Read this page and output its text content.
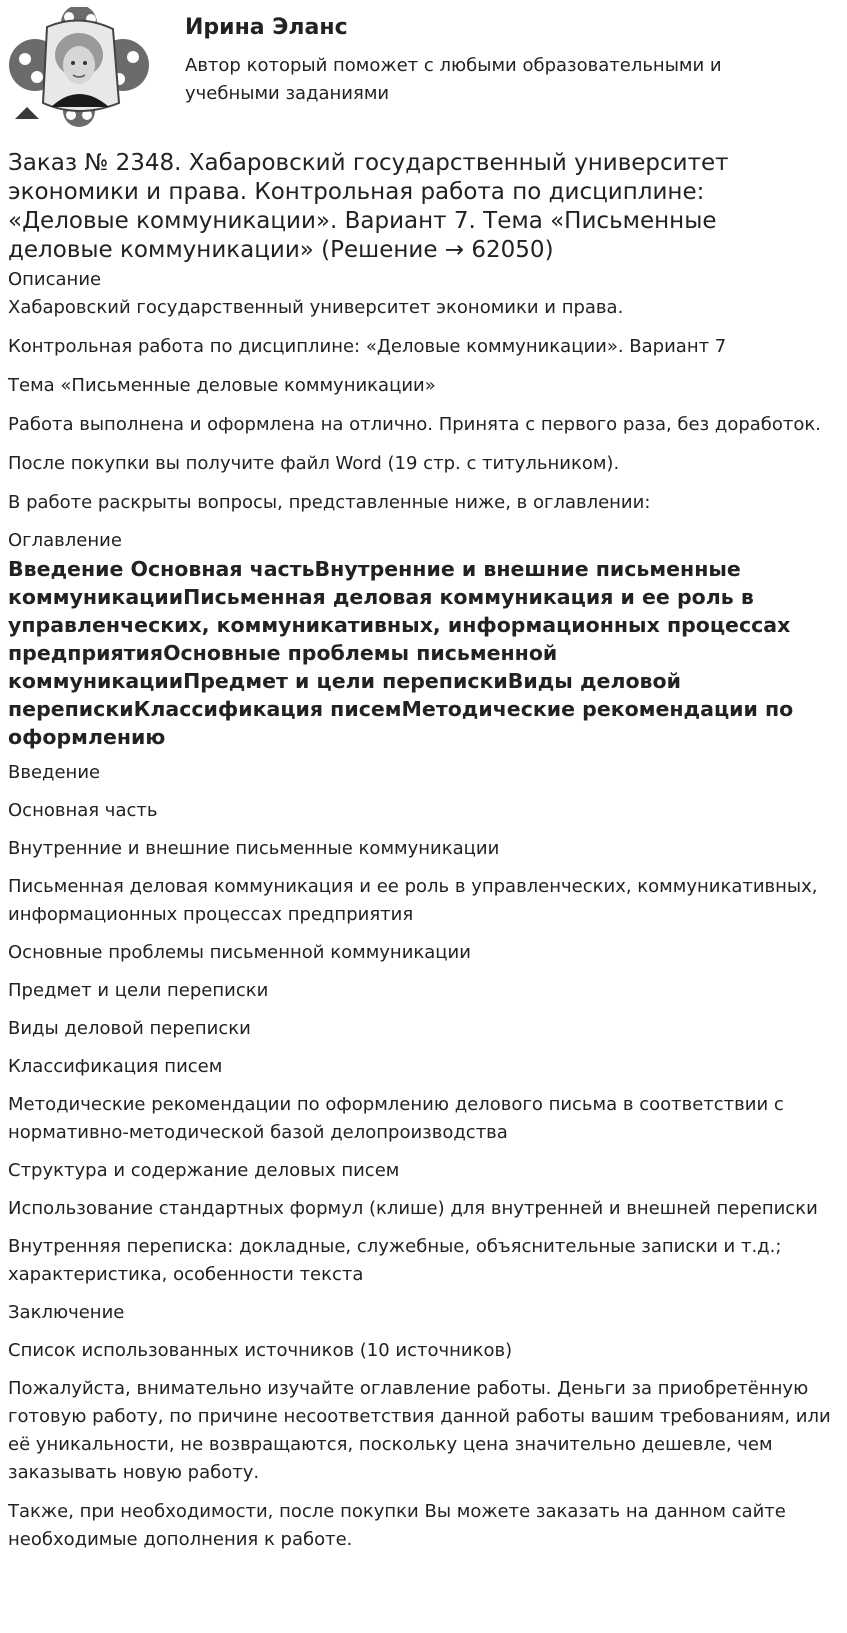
Ирина Эланс

Автор который поможет с любыми образовательными и учебными заданиями

Заказ № 2348. Хабаровский государственный университет экономики и права. Контрольная работа по дисциплине: «Деловые коммуникации». Вариант 7. Тема «Письменные деловые коммуникации» (Решение → 62050)
Описание

Хабаровский государственный университет экономики и права.

Контрольная работа по дисциплине: «Деловые коммуникации». Вариант 7

Тема «Письменные деловые коммуникации»

Работа выполнена и оформлена на отлично. Принята с первого раза, без доработок.

После покупки вы получите файл Word (19 стр. с титульником).

В работе раскрыты вопросы, представленные ниже, в оглавлении:

Оглавление
Введение Основная частьВнутренние и внешние письменные коммуникацииПисьменная деловая коммуникация и ее роль в управленческих, коммуникативных, информационных процессах предприятияОсновные проблемы письменной коммуникацииПредмет и цели перепискиВиды деловой перепискиКлассификация писемМетодические рекомендации по оформлению
Введение
Основная часть
Внутренние и внешние письменные коммуникации
Письменная деловая коммуникация и ее роль в управленческих, коммуникативных, информационных процессах предприятия
Основные проблемы письменной коммуникации
Предмет и цели переписки
Виды деловой переписки
Классификация писем
Методические рекомендации по оформлению делового письма в соответствии с нормативно-методической базой делопроизводства
Структура и содержание деловых писем
Использование стандартных формул (клише) для внутренней и внешней переписки
Внутренняя переписка: докладные, служебные, объяснительные записки и т.д.; характеристика, особенности текста
Заключение
Список использованных источников (10 источников)

Пожалуйста, внимательно изучайте оглавление работы. Деньги за приобретённую готовую работу, по причине несоответствия данной работы вашим требованиям, или её уникальности, не возвращаются, поскольку цена значительно дешевле, чем заказывать новую работу.

Также, при необходимости, после покупки Вы можете заказать на данном сайте необходимые дополнения к работе.
